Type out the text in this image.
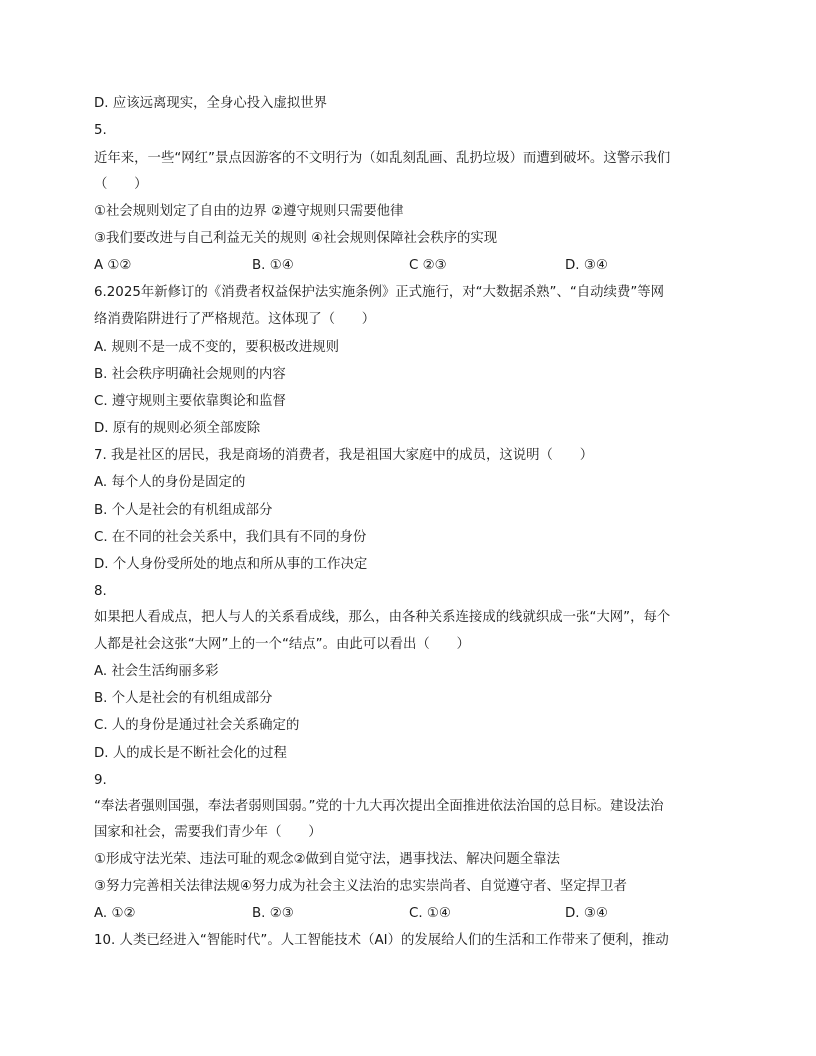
D. 应该远离现实，全身心投入虚拟世界
5.
近年来，一些“网红”景点因游客的不文明行为（如乱刻乱画、乱扔垃圾）而遭到破坏。这警示我们
（　　）
①社会规则划定了自由的边界 ②遵守规则只需要他律
③我们要改进与自己利益无关的规则 ④社会规则保障社会秩序的实现
A ①②	B. ①④	C ②③	D. ③④
6.2025年新修订的《消费者权益保护法实施条例》正式施行，对“大数据杀熟”、“自动续费”等网
络消费陷阱进行了严格规范。这体现了（　　）
A. 规则不是一成不变的，要积极改进规则
B. 社会秩序明确社会规则的内容
C. 遵守规则主要依靠舆论和监督
D. 原有的规则必须全部废除
7. 我是社区的居民，我是商场的消费者，我是祖国大家庭中的成员，这说明（　　）
A. 每个人的身份是固定的
B. 个人是社会的有机组成部分
C. 在不同的社会关系中，我们具有不同的身份
D. 个人身份受所处的地点和所从事的工作决定
8.
如果把人看成点，把人与人的关系看成线，那么，由各种关系连接成的线就织成一张“大网”，每个
人都是社会这张“大网”上的一个“结点”。由此可以看出（　　）
A. 社会生活绚丽多彩
B. 个人是社会的有机组成部分
C. 人的身份是通过社会关系确定的
D. 人的成长是不断社会化的过程
9.
“奉法者强则国强，奉法者弱则国弱。”党的十九大再次提出全面推进依法治国的总目标。建设法治
国家和社会，需要我们青少年（　　）
①形成守法光荣、违法可耻的观念②做到自觉守法，遇事找法、解决问题全靠法
③努力完善相关法律法规④努力成为社会主义法治的忠实崇尚者、自觉遵守者、坚定捍卫者
A. ①②	B. ②③	C. ①④	D. ③④
10. 人类已经进入“智能时代”。人工智能技术（AI）的发展给人们的生活和工作带来了便利，推动
